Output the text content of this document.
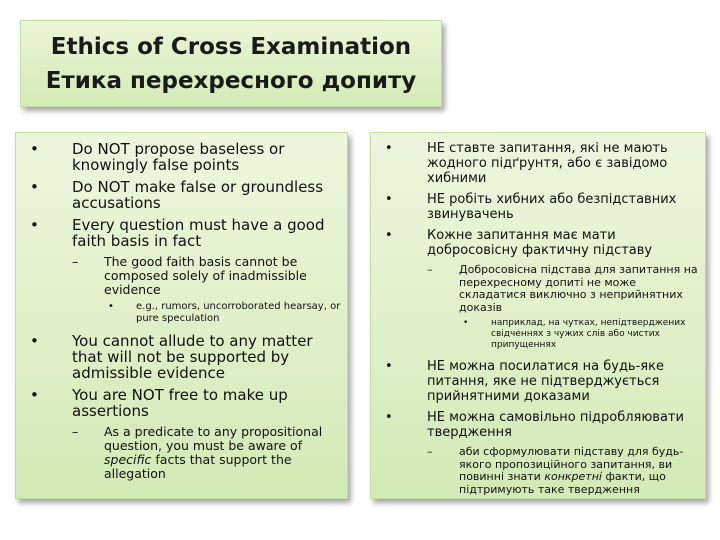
Ethics of Cross Examination
Етика перехресного допиту
• Do NOT propose baseless or knowingly false points
• Do NOT make false or groundless accusations
• Every question must have a good faith basis in fact
– The good faith basis cannot be composed solely of inadmissible evidence
• e.g., rumors, uncorroborated hearsay, or pure speculation
• You cannot allude to any matter that will not be supported by admissible evidence
• You are NOT free to make up assertions
– As a predicate to any propositional question, you must be aware of specific facts that support the allegation
•	НЕ ставте запитання, які не мають жодного підґрунтя, або є завідомо хибними
•	НЕ робіть хибних або безпідставних звинувачень
•	Кожне запитання має мати добросовісну фактичну підставу
– Добросовісна підстава для запитання на перехресному допиті не може складатися виключно з неприйнятних доказів
•	наприклад, на чутках, непідтверджених свідченнях з чужих слів або чистих припущеннях
•	НЕ можна посилатися на будь-яке питання, яке не підтверджується прийнятними доказами
•	НЕ можна самовільно підробляювати твердження
– аби сформулювати підставу для будь-якого пропозиційного запитання, ви повинні знати конкретні факти, що підтримують таке твердження
